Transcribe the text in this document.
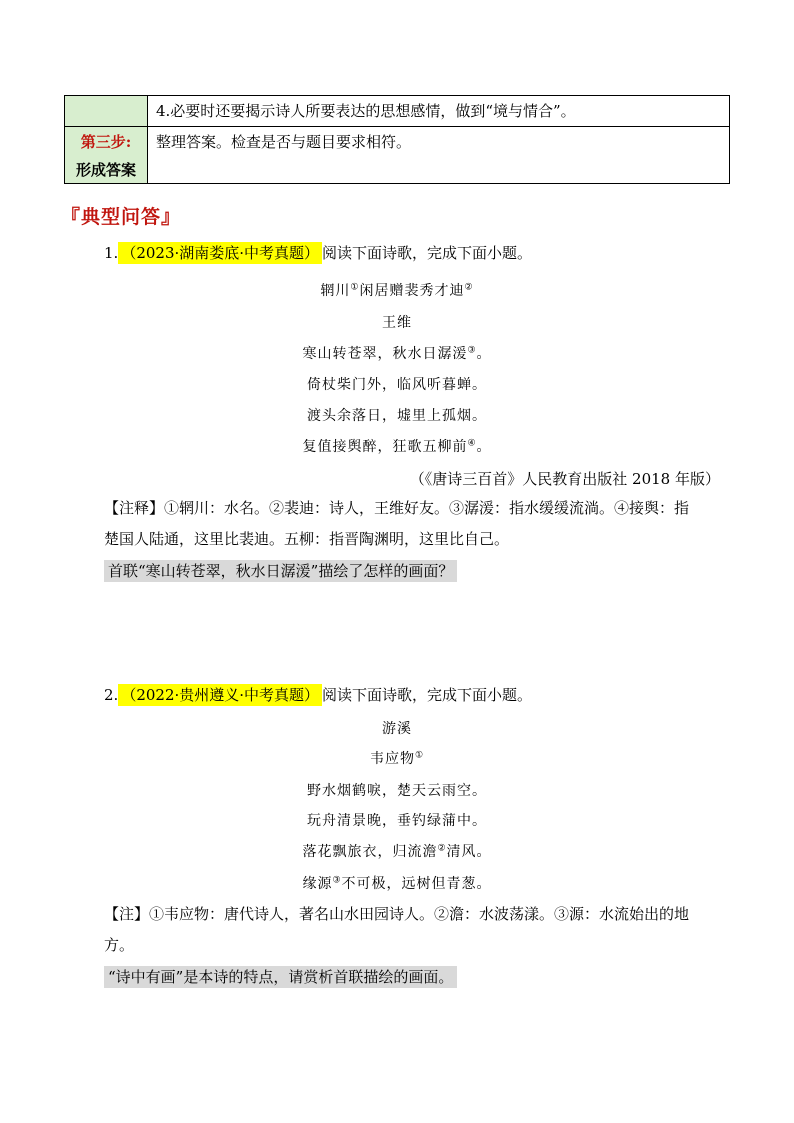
	4.必要时还要揭示诗人所要表达的思想感情，做到“境与情合”。

第三步:
形成答案	整理答案。检查是否与题目要求相符。
『典型问答』
1. （2023·湖南娄底·中考真题） 阅读下面诗歌，完成下面小题。
辋川①闲居赠裴秀才迪②
王维
寒山转苍翠，秋水日潺湲③。
倚杖柴门外，临风听暮蝉。
渡头余落日，墟里上孤烟。
复值接舆醉，狂歌五柳前④。
（《唐诗三百首》人民教育出版社 2018 年版）
【注释】①辋川：水名。②裴迪：诗人，王维好友。③潺湲：指水缓缓流淌。④接舆：指
楚国人陆通，这里比裴迪。五柳：指晋陶渊明，这里比自己。
首联“寒山转苍翠，秋水日潺湲”描绘了怎样的画面？
2. （2022·贵州遵义·中考真题） 阅读下面诗歌，完成下面小题。
游溪
韦应物①
野水烟鹤唳，楚天云雨空。
玩舟清景晚，垂钓绿蒲中。
落花飘旅衣，归流澹②清风。
缘源③不可极，远树但青葱。
【注】①韦应物：唐代诗人，著名山水田园诗人。②澹：水波荡漾。③源：水流始出的地
方。
“诗中有画”是本诗的特点，请赏析首联描绘的画面。
